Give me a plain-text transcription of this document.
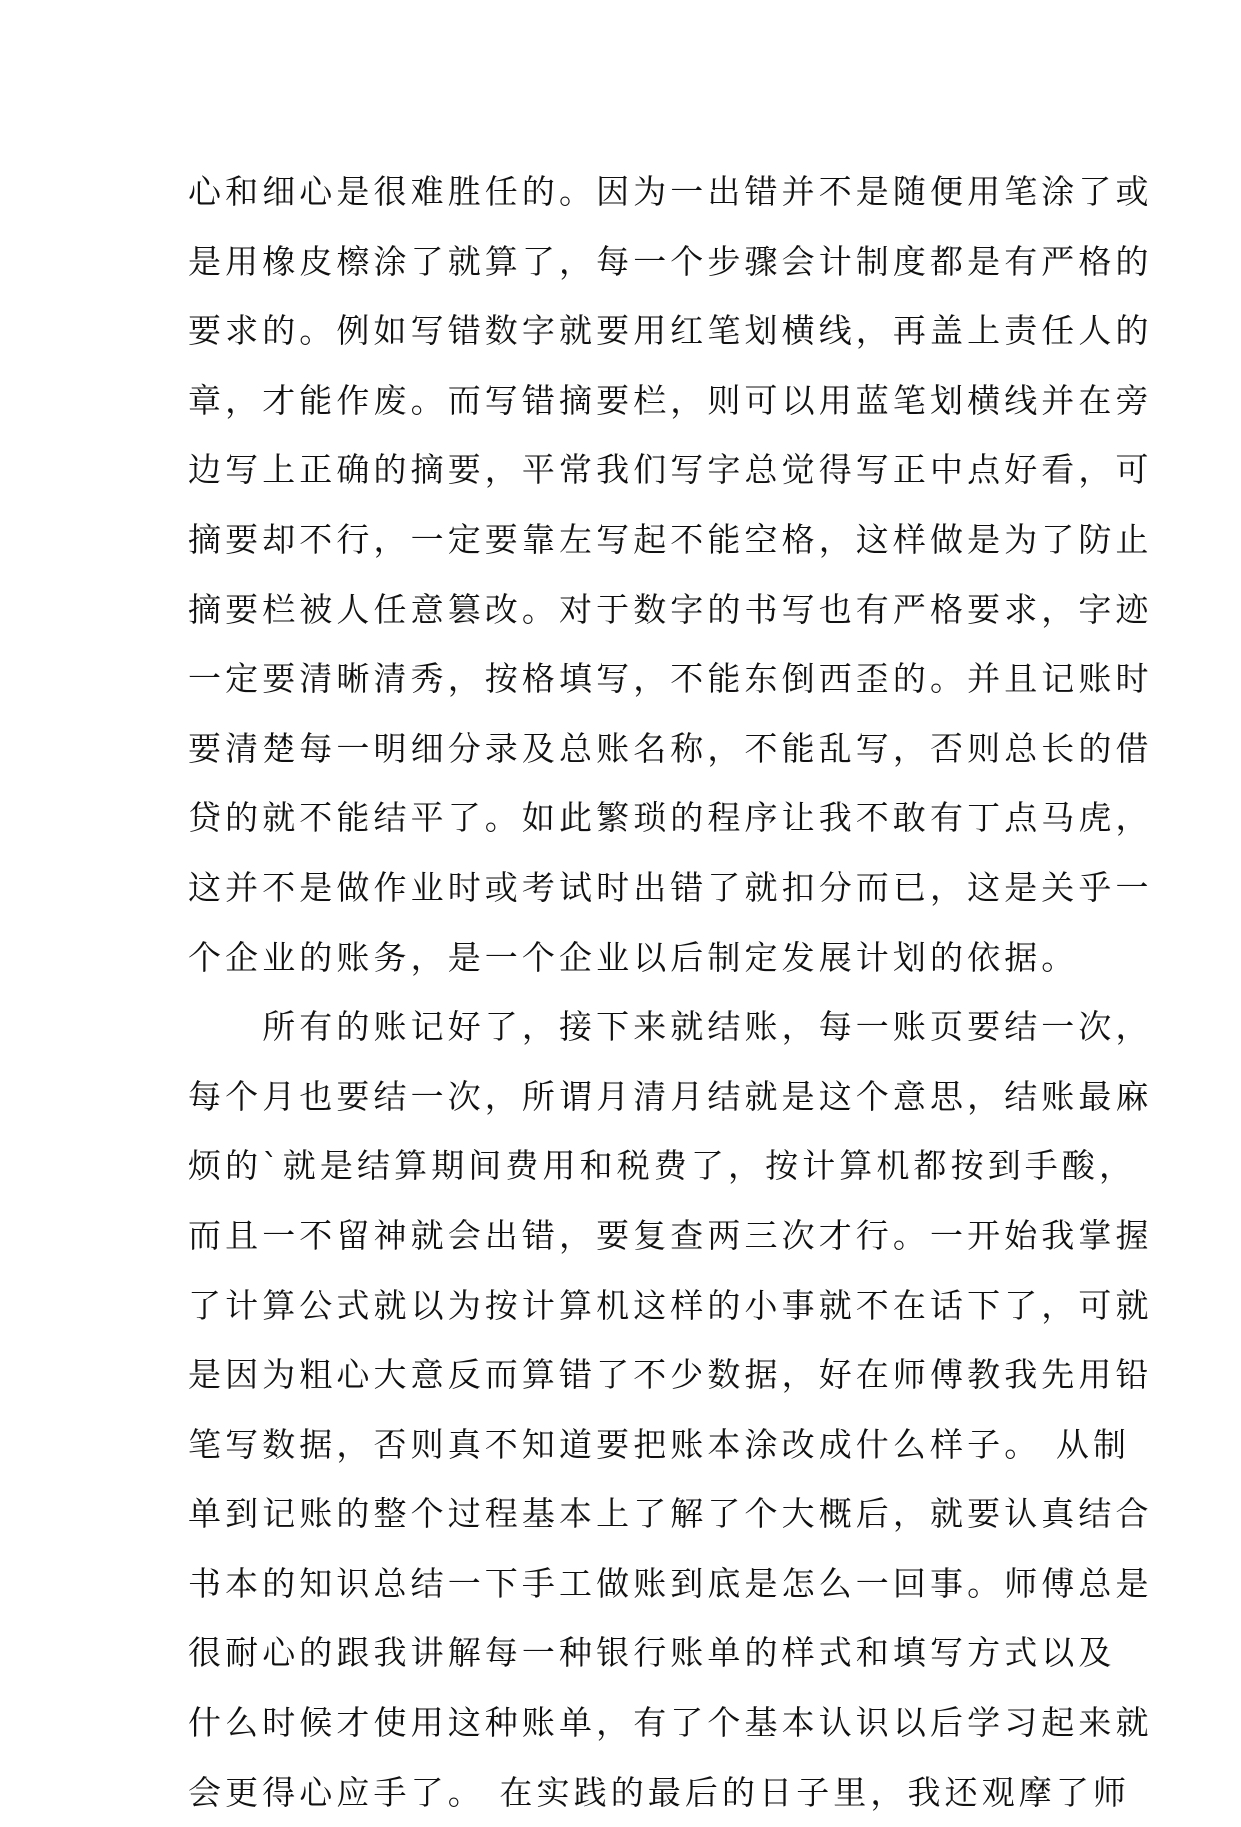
心和细心是很难胜任的。因为一出错并不是随便用笔涂了或
是用橡皮檫涂了就算了，每一个步骤会计制度都是有严格的
要求的。例如写错数字就要用红笔划横线，再盖上责任人的
章，才能作废。而写错摘要栏，则可以用蓝笔划横线并在旁
边写上正确的摘要，平常我们写字总觉得写正中点好看，可
摘要却不行，一定要靠左写起不能空格，这样做是为了防止
摘要栏被人任意篡改。对于数字的书写也有严格要求，字迹
一定要清晰清秀，按格填写，不能东倒西歪的。并且记账时
要清楚每一明细分录及总账名称，不能乱写，否则总长的借
贷的就不能结平了。如此繁琐的程序让我不敢有丁点马虎，
这并不是做作业时或考试时出错了就扣分而已，这是关乎一
个企业的账务，是一个企业以后制定发展计划的依据。
　　所有的账记好了，接下来就结账，每一账页要结一次，
每个月也要结一次，所谓月清月结就是这个意思，结账最麻
烦的`就是结算期间费用和税费了，按计算机都按到手酸，
而且一不留神就会出错，要复查两三次才行。一开始我掌握
了计算公式就以为按计算机这样的小事就不在话下了，可就
是因为粗心大意反而算错了不少数据，好在师傅教我先用铅
笔写数据，否则真不知道要把账本涂改成什么样子。 从制
单到记账的整个过程基本上了解了个大概后，就要认真结合
书本的知识总结一下手工做账到底是怎么一回事。师傅总是
很耐心的跟我讲解每一种银行账单的样式和填写方式以及
什么时候才使用这种账单，有了个基本认识以后学习起来就
会更得心应手了。 在实践的最后的日子里，我还观摩了师
